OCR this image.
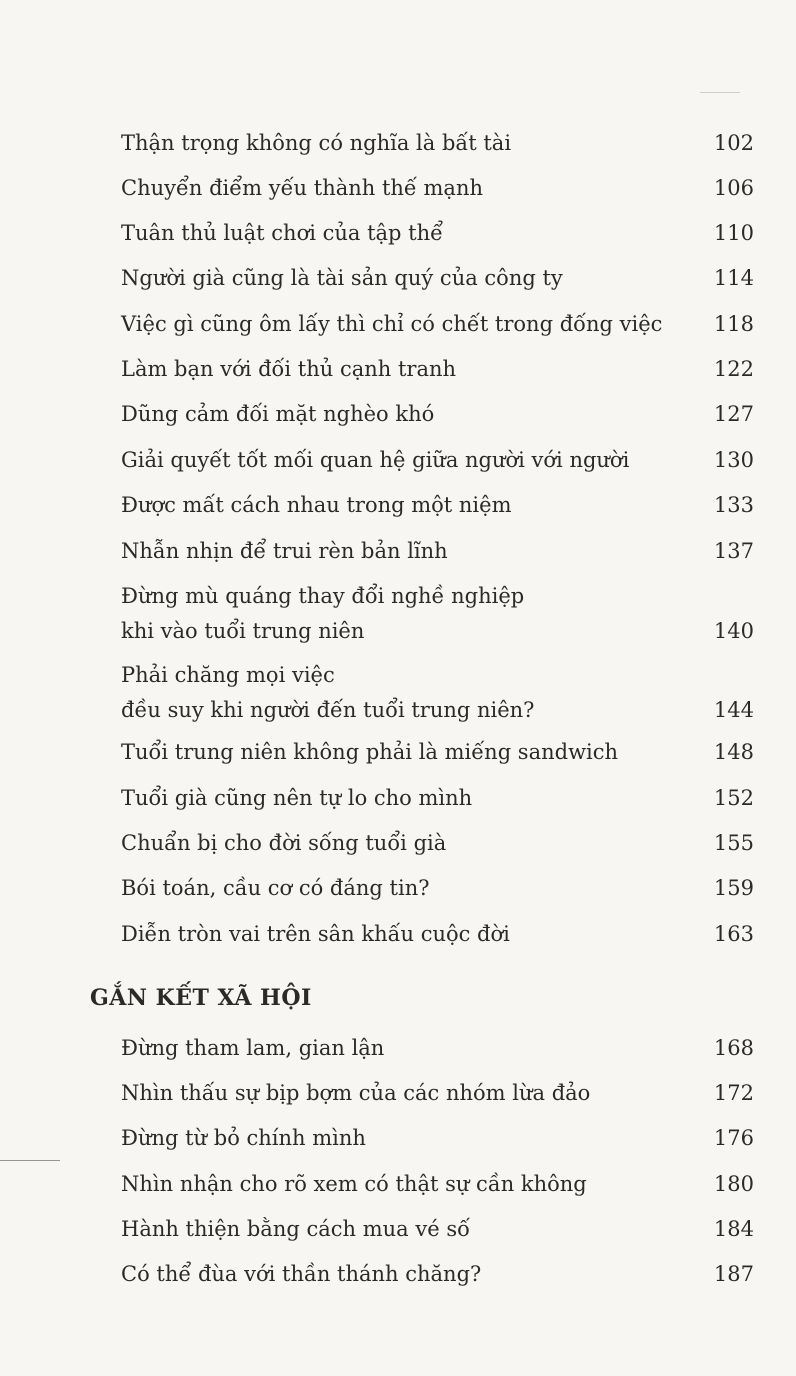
Thận trọng không có nghĩa là bất tài	102
Chuyển điểm yếu thành thế mạnh	106
Tuân thủ luật chơi của tập thể	110
Người già cũng là tài sản quý của công ty	114
Việc gì cũng ôm lấy thì chỉ có chết trong đống việc 118
Làm bạn với đối thủ cạnh tranh	122
Dũng cảm đối mặt nghèo khó	127
Giải quyết tốt mối quan hệ giữa người với người	130
Được mất cách nhau trong một niệm	133
Nhẫn nhịn để trui rèn bản lĩnh	137
Đừng mù quáng thay đổi nghề nghiệp
khi vào tuổi trung niên	140
Phải chăng mọi việc
đều suy khi người đến tuổi trung niên?	144
Tuổi trung niên không phải là miếng sandwich	148
Tuổi già cũng nên tự lo cho mình	152
Chuẩn bị cho đời sống tuổi già	155
Bói toán, cầu cơ có đáng tin?	159
Diễn tròn vai trên sân khấu cuộc đời	163
GẮN KẾT XÃ HỘI
Đừng tham lam, gian lận	168
Nhìn thấu sự bịp bợm của các nhóm lừa đảo	172
Đừng từ bỏ chính mình	176
Nhìn nhận cho rõ xem có thật sự cần không	180
Hành thiện bằng cách mua vé số	184
Có thể đùa với thần thánh chăng?	187
